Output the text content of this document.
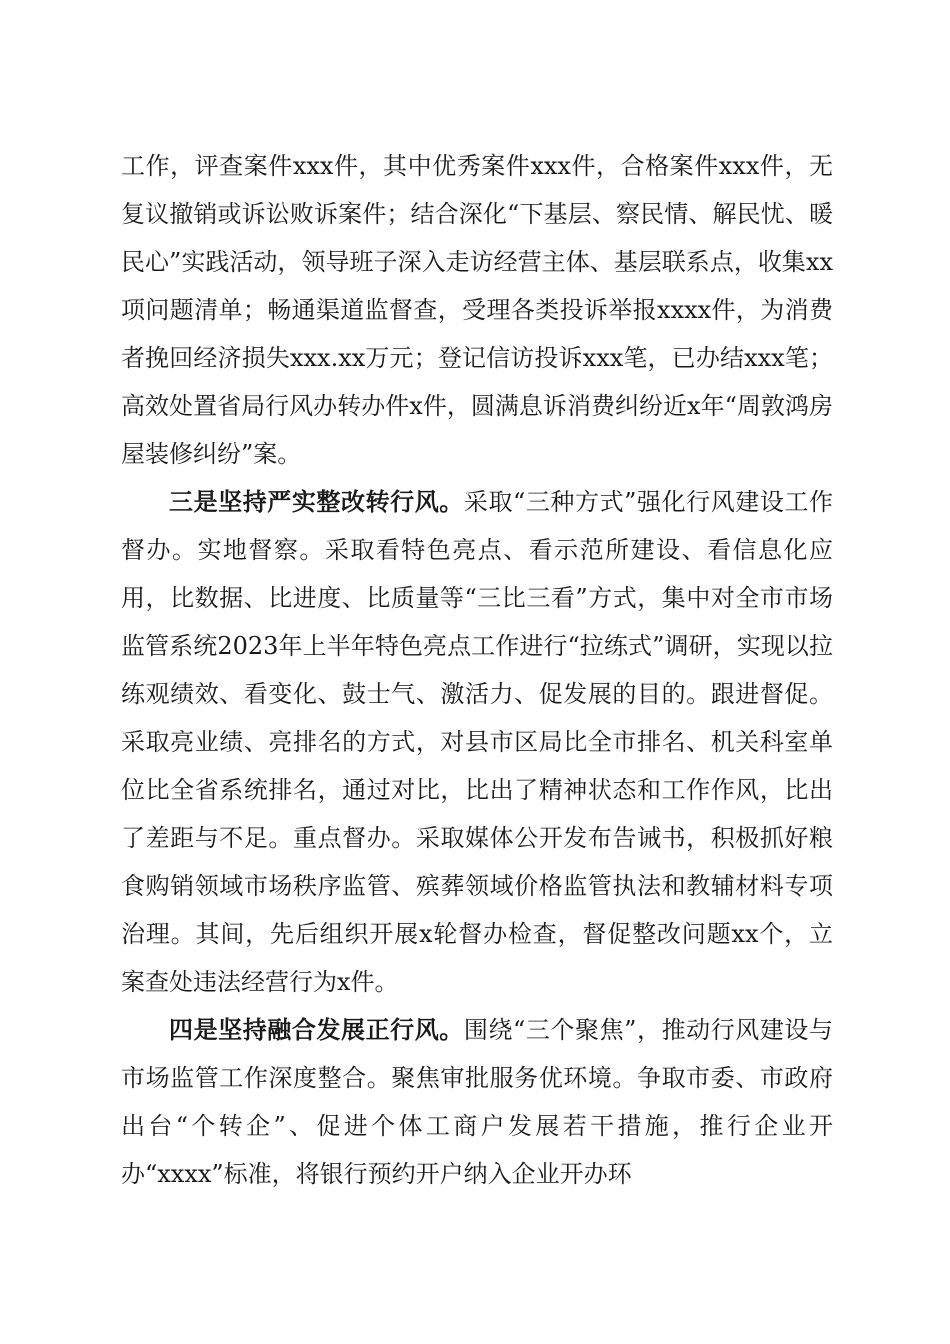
工作，评查案件xxx件，其中优秀案件xxx件，合格案件xxx件，无复议撤销或诉讼败诉案件；结合深化“下基层、察民情、解民忧、暖民心”实践活动，领导班子深入走访经营主体、基层联系点，收集xx项问题清单；畅通渠道监督查，受理各类投诉举报xxxx件，为消费者挽回经济损失xxx.xx万元；登记信访投诉xxx笔，已办结xxx笔；高效处置省局行风办转办件x件，圆满息诉消费纠纷近x年“周敦鸿房屋装修纠纷”案。

三是坚持严实整改转行风。采取“三种方式”强化行风建设工作督办。实地督察。采取看特色亮点、看示范所建设、看信息化应用，比数据、比进度、比质量等“三比三看”方式，集中对全市市场监管系统2023年上半年特色亮点工作进行“拉练式”调研，实现以拉练观绩效、看变化、鼓士气、激活力、促发展的目的。跟进督促。采取亮业绩、亮排名的方式，对县市区局比全市排名、机关科室单位比全省系统排名，通过对比，比出了精神状态和工作作风，比出了差距与不足。重点督办。采取媒体公开发布告诫书，积极抓好粮食购销领域市场秩序监管、殡葬领域价格监管执法和教辅材料专项治理。其间，先后组织开展x轮督办检查，督促整改问题xx个，立案查处违法经营行为x件。

四是坚持融合发展正行风。围绕“三个聚焦”，推动行风建设与市场监管工作深度整合。聚焦审批服务优环境。争取市委、市政府出台“个转企”、促进个体工商户发展若干措施，推行企业开办“xxxx”标准，将银行预约开户纳入企业开办环
